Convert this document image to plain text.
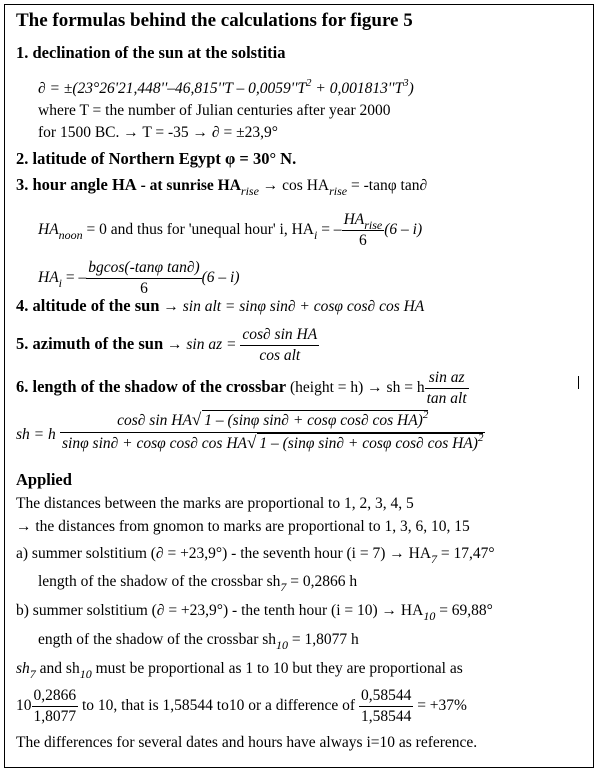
The formulas behind the calculations for figure 5
1. declination of the sun at the solstitia
∂ = $\pm(23^\circ 26'21,448''-46,815''T - 0,0059''T^2 + 0,001813''T^3)$
where T = the number of Julian centuries after year 2000
for 1500 BC. → T = -35 → ∂ = ±23,9°
2. latitude of Northern Egypt φ = 30° N.
3. hour angle HA - at sunrise $HA_{rise} \to \cos HA_{rise} = -\tan\varphi$ tan∂
$HA_{noon} = 0$ and thus for 'unequal hour' i, $HA_i$ = – $\frac{HA_{rise}}{6} (6 - i)$
$HA_i$ = – $\frac{\text{bgcos(-tanφ tan∂)}}{6} (6 - i)$
4. altitude of the sun → sin alt = sinφ sin∂ + cosφ cos∂ cos HA
5. azimuth of the sun → sin az = $\frac{\text{cos∂ sin HA}}{\text{cos alt}}$
6. length of the shadow of the crossbar (height = h) → sh = h $\frac{\text{sin az}}{\text{tan alt}}$
sh = h
cos∂ sin HA√ 1 – (sinφ sin∂ + cosφ cos∂ cos HA)$^2$
sinφ sin∂ + cosφ cos∂ cos HA√ 1 – (sinφ sin∂ + cosφ cos∂ cos HA)$^2$
Applied
The distances between the marks are proportional to 1, 2, 3, 4, 5
→ the distances from gnomon to marks are proportional to 1, 3, 6, 10, 15
a) summer solstitium (∂ = +23,9°) - the seventh hour $(i = 7) \to HA_7 = 17,47^\circ$
length of the shadow of the crossbar $sh_7 = 0,2866$ h
b) summer solstitium (∂ = +23,9°) - the tenth hour $(i = 10) \to HA_{10} = 69,88^\circ$
ength of the shadow of the crossbar $sh_{10} = 1,8077$ h
$sh_7$ and $sh_{10}$ must be proportional as 1 to 10 but they are proportional as
$10 \frac{0,2866}{1,8077}$ to 10, that is 1,58544 to10 or a difference of $\frac{0,58544}{1,58544} = +37\%$
The differences for several dates and hours have always i=10 as reference.
